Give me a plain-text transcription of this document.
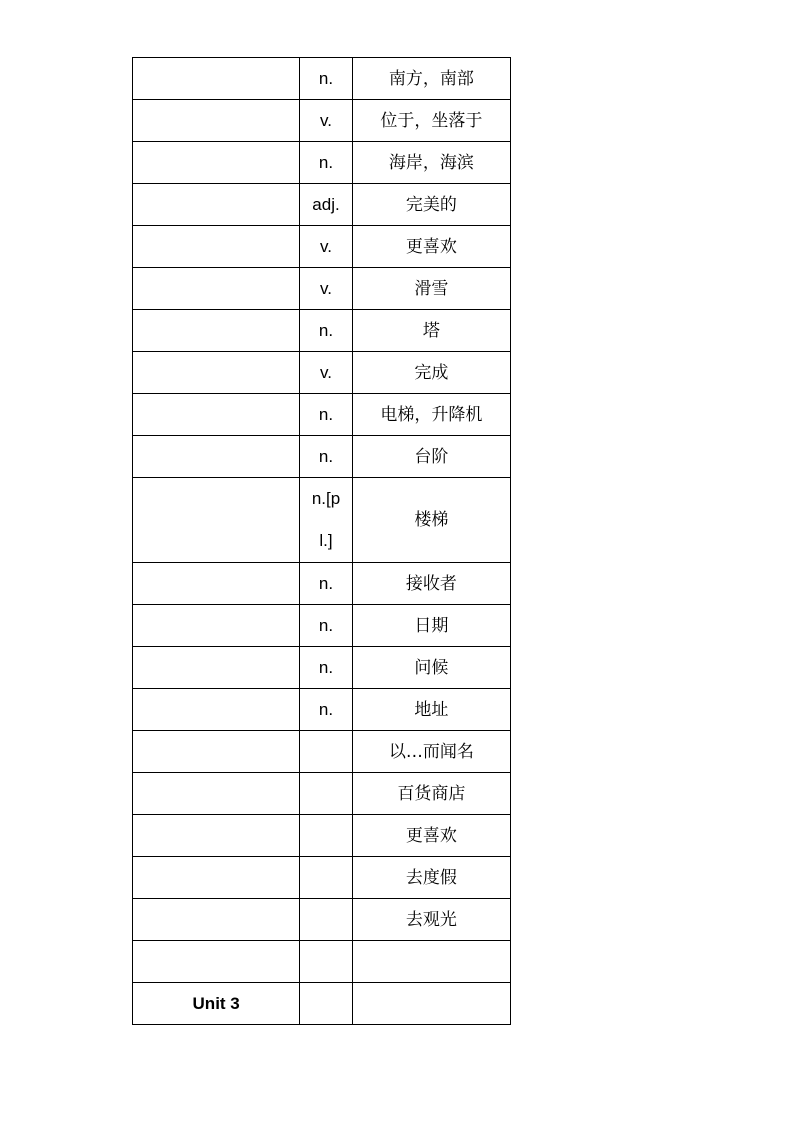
	n.	南方，南部
	v.	位于，坐落于
	n.	海岸，海滨
	adj.	完美的
	v.	更喜欢
	v.	滑雪
	n.	塔
	v.	完成
	n.	电梯，升降机
	n.	台阶
	n.[pl.]	楼梯
	n.	接收者
	n.	日期
	n.	问候
	n.	地址
		以…而闻名
		百货商店
		更喜欢
		去度假
		去观光

Unit 3		
